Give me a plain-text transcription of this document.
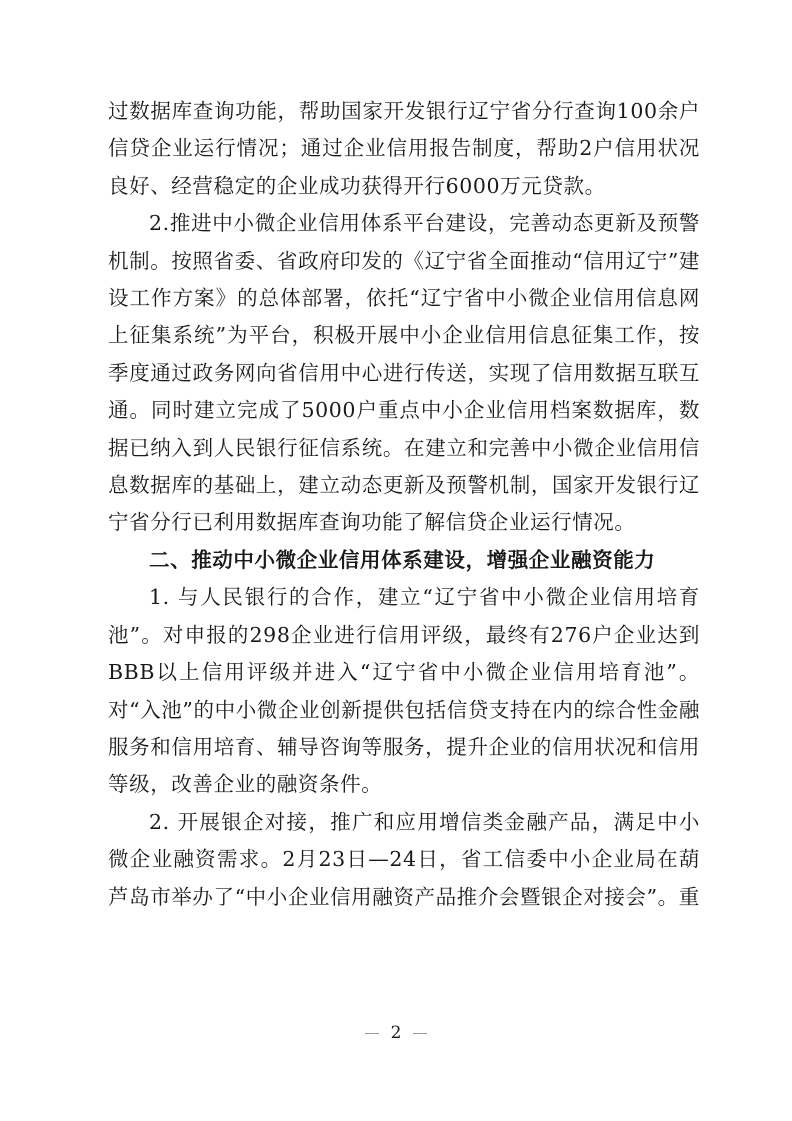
过数据库查询功能，帮助国家开发银行辽宁省分行查询100余户信贷企业运行情况；通过企业信用报告制度，帮助2户信用状况良好、经营稳定的企业成功获得开行6000万元贷款。

2.推进中小微企业信用体系平台建设，完善动态更新及预警机制。按照省委、省政府印发的《辽宁省全面推动“信用辽宁”建设工作方案》的总体部署，依托“辽宁省中小微企业信用信息网上征集系统”为平台，积极开展中小企业信用信息征集工作，按季度通过政务网向省信用中心进行传送，实现了信用数据互联互通。同时建立完成了5000户重点中小企业信用档案数据库，数据已纳入到人民银行征信系统。在建立和完善中小微企业信用信息数据库的基础上，建立动态更新及预警机制，国家开发银行辽宁省分行已利用数据库查询功能了解信贷企业运行情况。

二、推动中小微企业信用体系建设，增强企业融资能力

1. 与人民银行的合作，建立“辽宁省中小微企业信用培育池”。对申报的298企业进行信用评级，最终有276户企业达到BBB以上信用评级并进入“辽宁省中小微企业信用培育池”。对“入池”的中小微企业创新提供包括信贷支持在内的综合性金融服务和信用培育、辅导咨询等服务，提升企业的信用状况和信用等级，改善企业的融资条件。

2. 开展银企对接，推广和应用增信类金融产品，满足中小微企业融资需求。2月23日—24日，省工信委中小企业局在葫芦岛市举办了“中小企业信用融资产品推介会暨银企对接会”。重

2
